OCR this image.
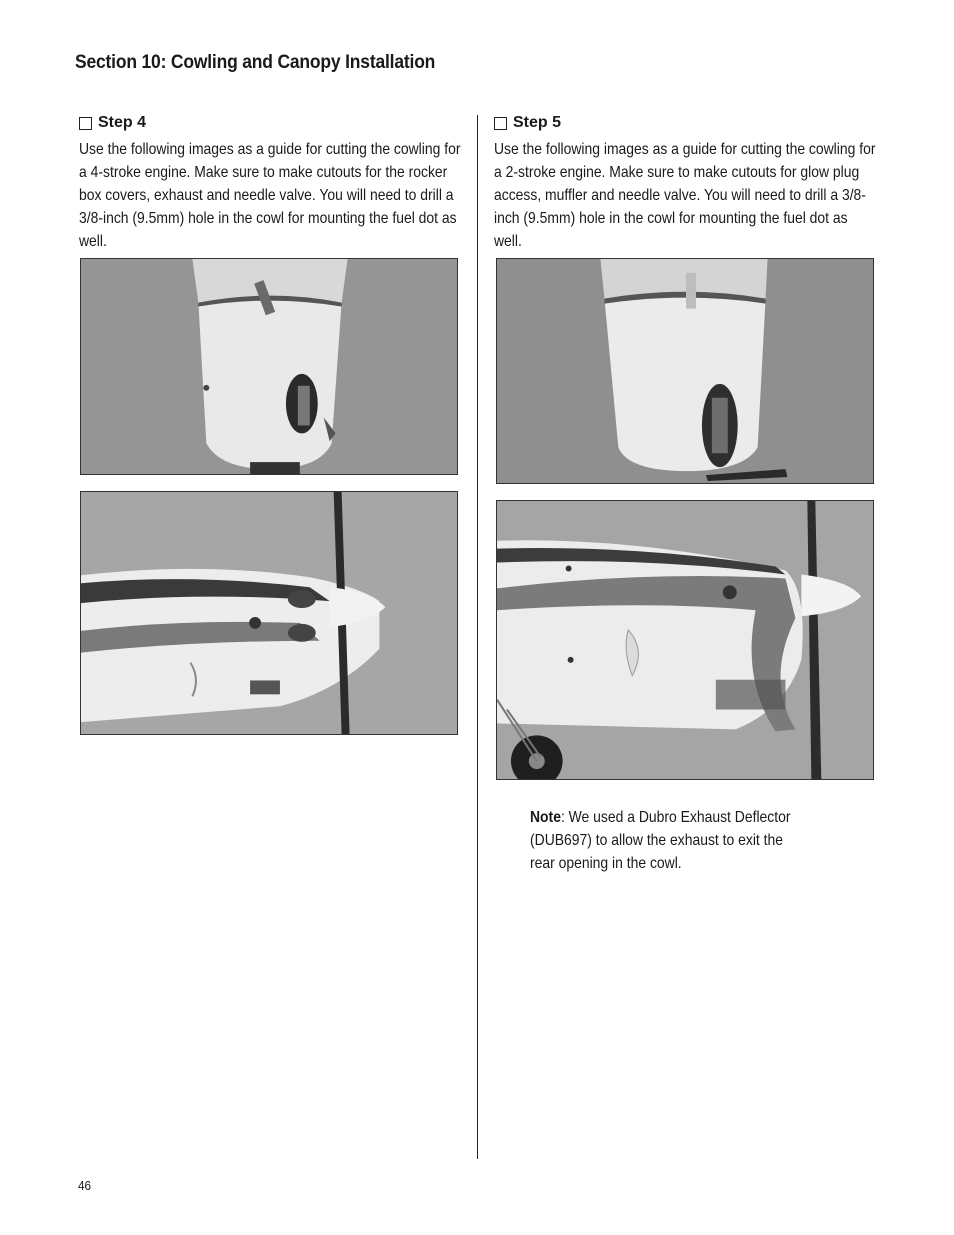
Section 10: Cowling and Canopy Installation
Step 4
Use the following images as a guide for cutting the cowling for a 4-stroke engine. Make sure to make cutouts for the rocker box covers, exhaust and needle valve. You will need to drill a 3/8-inch (9.5mm) hole in the cowl for mounting the fuel dot as well.
Step 5
Use the following images as a guide for cutting the cowling for a 2-stroke engine. Make sure to make cutouts for glow plug access, muffler and needle valve. You will need to drill a 3/8-inch (9.5mm) hole in the cowl for mounting the fuel dot as well.
Note: We used a Dubro Exhaust Deflector (DUB697) to allow the exhaust to exit the rear opening in the cowl.
46
